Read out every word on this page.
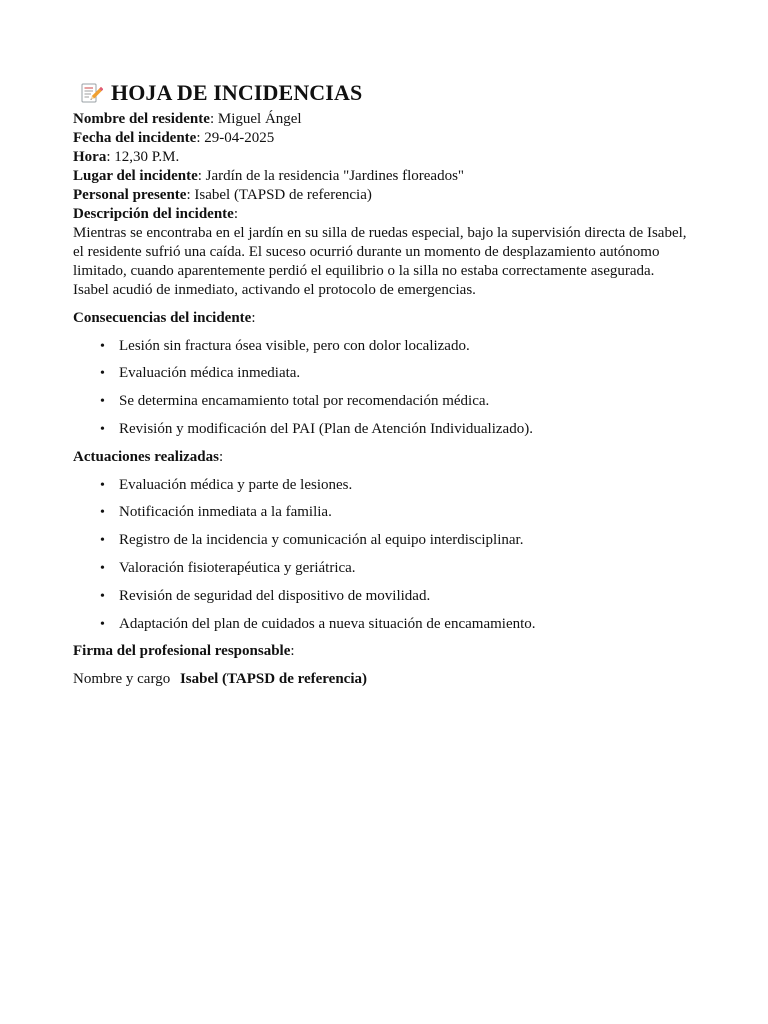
HOJA DE INCIDENCIAS

Nombre del residente: Miguel Ángel

Fecha del incidente: 29-04-2025

Hora: 12,30 P.M.

Lugar del incidente: Jardín de la residencia "Jardines floreados"

Personal presente: Isabel (TAPSD de referencia)

Descripción del incidente:

Mientras se encontraba en el jardín en su silla de ruedas especial, bajo la supervisión directa de Isabel, el residente sufrió una caída. El suceso ocurrió durante un momento de desplazamiento autónomo limitado, cuando aparentemente perdió el equilibrio o la silla no estaba correctamente asegurada. Isabel acudió de inmediato, activando el protocolo de emergencias.

Consecuencias del incidente:

• Lesión sin fractura ósea visible, pero con dolor localizado.
• Evaluación médica inmediata.
• Se determina encamamiento total por recomendación médica.
• Revisión y modificación del PAI (Plan de Atención Individualizado).

Actuaciones realizadas:

• Evaluación médica y parte de lesiones.
• Notificación inmediata a la familia.
• Registro de la incidencia y comunicación al equipo interdisciplinar.
• Valoración fisioterapéutica y geriátrica.
• Revisión de seguridad del dispositivo de movilidad.
• Adaptación del plan de cuidados a nueva situación de encamamiento.

Firma del profesional responsable:

Nombre y cargo Isabel (TAPSD de referencia)
